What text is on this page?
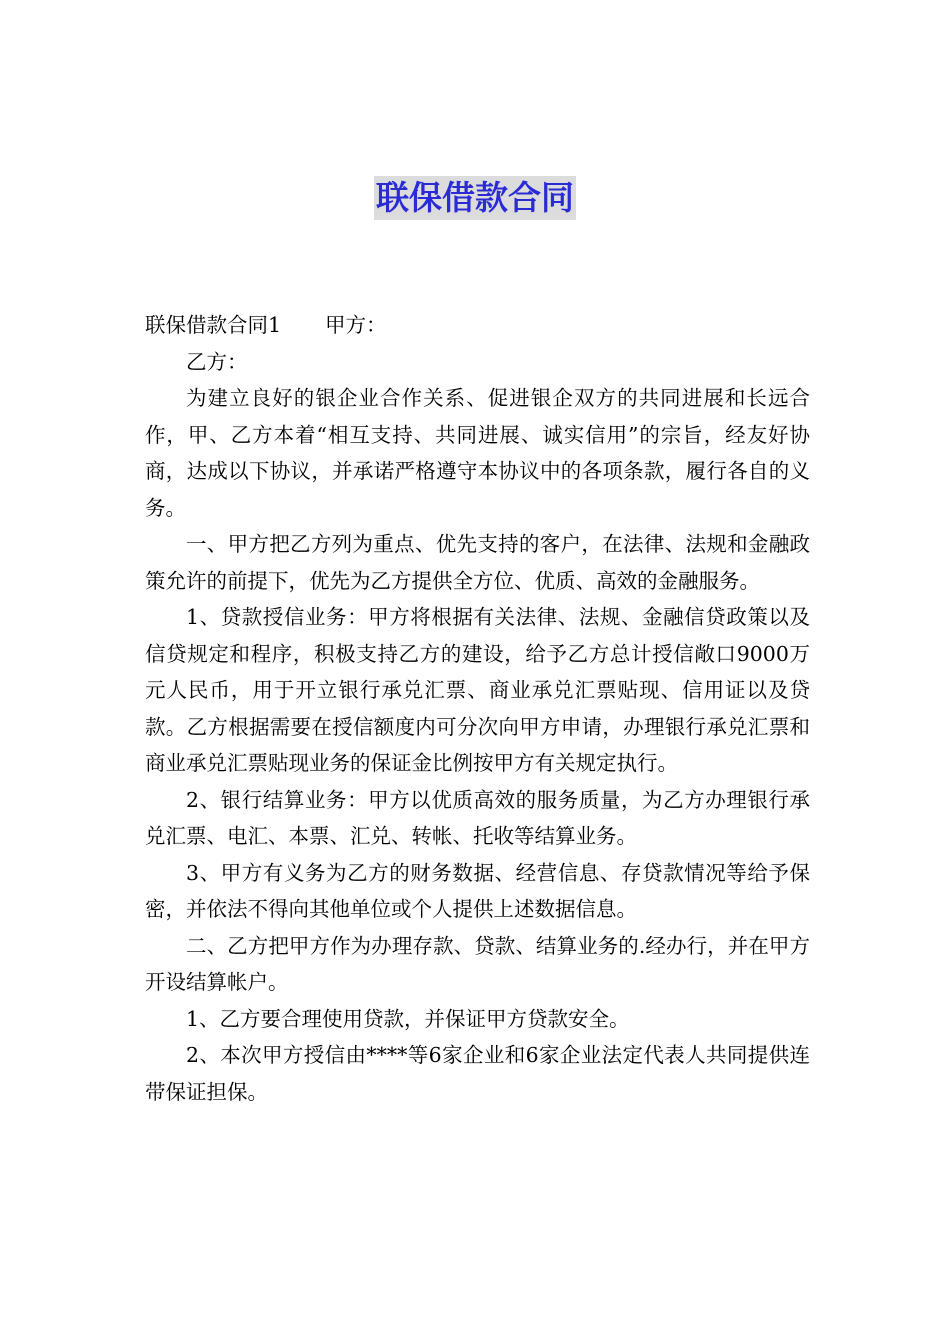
联保借款合同

联保借款合同1 甲方：

乙方：

为建立良好的银企业合作关系、促进银企双方的共同进展和长远合作，甲、乙方本着“相互支持、共同进展、诚实信用”的宗旨，经友好协商，达成以下协议，并承诺严格遵守本协议中的各项条款，履行各自的义务。

一、甲方把乙方列为重点、优先支持的客户，在法律、法规和金融政策允许的前提下，优先为乙方提供全方位、优质、高效的金融服务。

1、贷款授信业务：甲方将根据有关法律、法规、金融信贷政策以及信贷规定和程序，积极支持乙方的建设，给予乙方总计授信敞口9000万元人民币，用于开立银行承兑汇票、商业承兑汇票贴现、信用证以及贷款。乙方根据需要在授信额度内可分次向甲方申请，办理银行承兑汇票和商业承兑汇票贴现业务的保证金比例按甲方有关规定执行。

2、银行结算业务：甲方以优质高效的服务质量，为乙方办理银行承兑汇票、电汇、本票、汇兑、转帐、托收等结算业务。

3、甲方有义务为乙方的财务数据、经营信息、存贷款情况等给予保密，并依法不得向其他单位或个人提供上述数据信息。

二、乙方把甲方作为办理存款、贷款、结算业务的.经办行，并在甲方开设结算帐户。

1、乙方要合理使用贷款，并保证甲方贷款安全。

2、本次甲方授信由****等6家企业和6家企业法定代表人共同提供连带保证担保。
